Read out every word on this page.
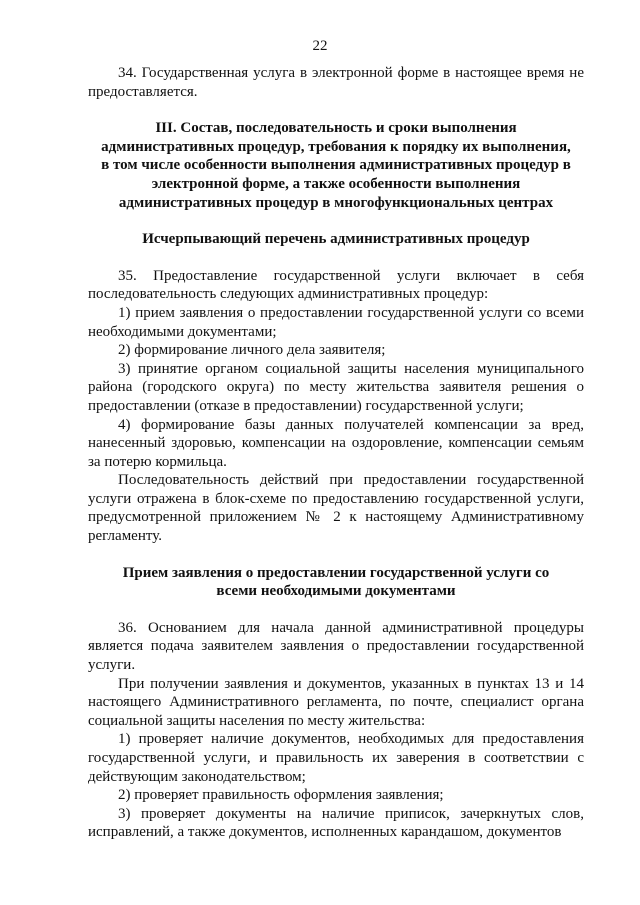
22

34. Государственная услуга в электронной форме в настоящее время не предоставляется.

III. Состав, последовательность и сроки выполнения административных процедур, требования к порядку их выполнения, в том числе особенности выполнения административных процедур в электронной форме, а также особенности выполнения административных процедур в многофункциональных центрах

Исчерпывающий перечень административных процедур

35. Предоставление государственной услуги включает в себя последовательность следующих административных процедур:

1) прием заявления о предоставлении государственной услуги со всеми необходимыми документами;

2) формирование личного дела заявителя;

3) принятие органом социальной защиты населения муниципального района (городского округа) по месту жительства заявителя решения о предоставлении (отказе в предоставлении) государственной услуги;

4) формирование базы данных получателей компенсации за вред, нанесенный здоровью, компенсации на оздоровление, компенсации семьям за потерю кормильца.

Последовательность действий при предоставлении государственной услуги отражена в блок-схеме по предоставлению государственной услуги, предусмотренной приложением № 2 к настоящему Административному регламенту.

Прием заявления о предоставлении государственной услуги со всеми необходимыми документами

36. Основанием для начала данной административной процедуры является подача заявителем заявления о предоставлении государственной услуги.

При получении заявления и документов, указанных в пунктах 13 и 14 настоящего Административного регламента, по почте, специалист органа социальной защиты населения по месту жительства:

1) проверяет наличие документов, необходимых для предоставления государственной услуги, и правильность их заверения в соответствии с действующим законодательством;

2) проверяет правильность оформления заявления;

3) проверяет документы на наличие приписок, зачеркнутых слов, исправлений, а также документов, исполненных карандашом, документов
